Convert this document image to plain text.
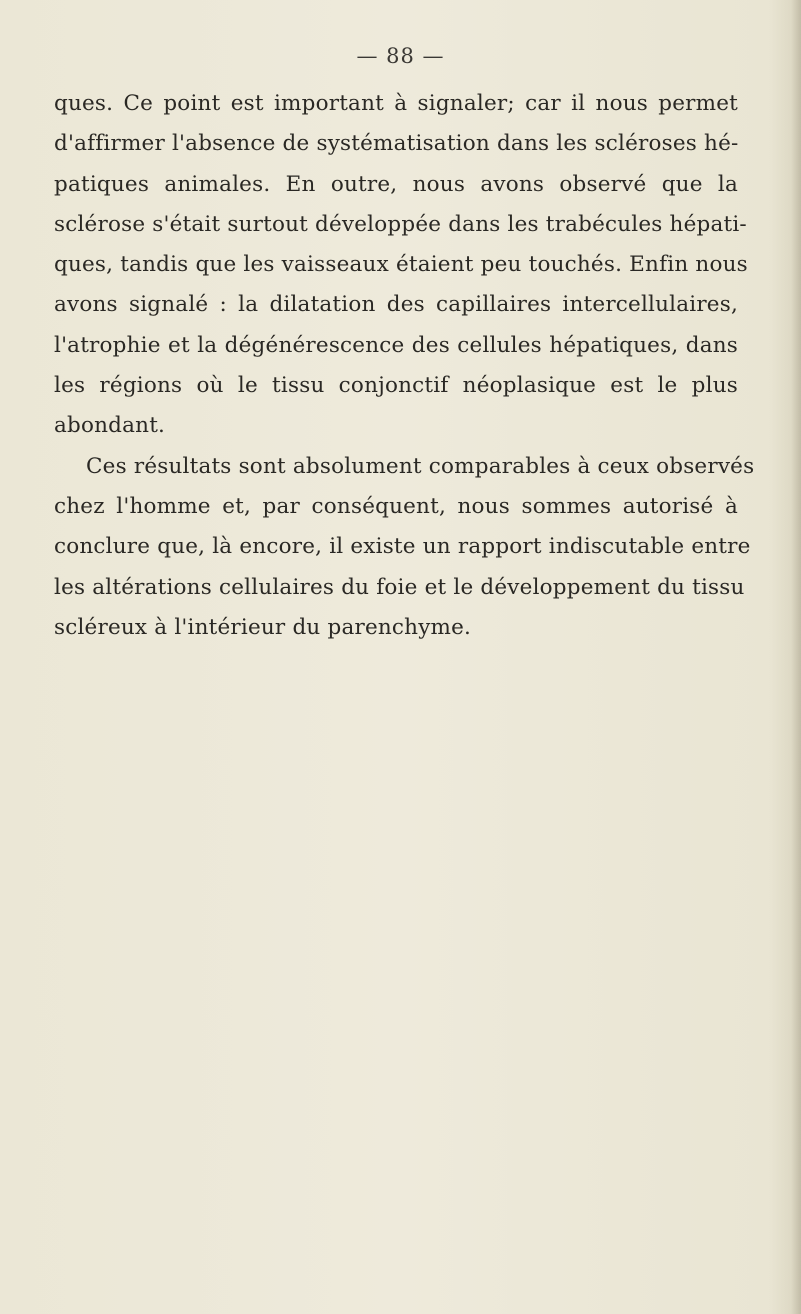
— 88 —
ques. Ce point est important à signaler; car il nous permet
d'affirmer l'absence de systématisation dans les scléroses hé-
patiques animales. En outre, nous avons observé que la
sclérose s'était surtout développée dans les trabécules hépati-
ques, tandis que les vaisseaux étaient peu touchés. Enfin nous
avons signalé : la dilatation des capillaires intercellulaires,
l'atrophie et la dégénérescence des cellules hépatiques, dans
les régions où le tissu conjonctif néoplasique est le plus
abondant.
Ces résultats sont absolument comparables à ceux observés
chez l'homme et, par conséquent, nous sommes autorisé à
conclure que, là encore, il existe un rapport indiscutable entre
les altérations cellulaires du foie et le développement du tissu
scléreux à l'intérieur du parenchyme.
